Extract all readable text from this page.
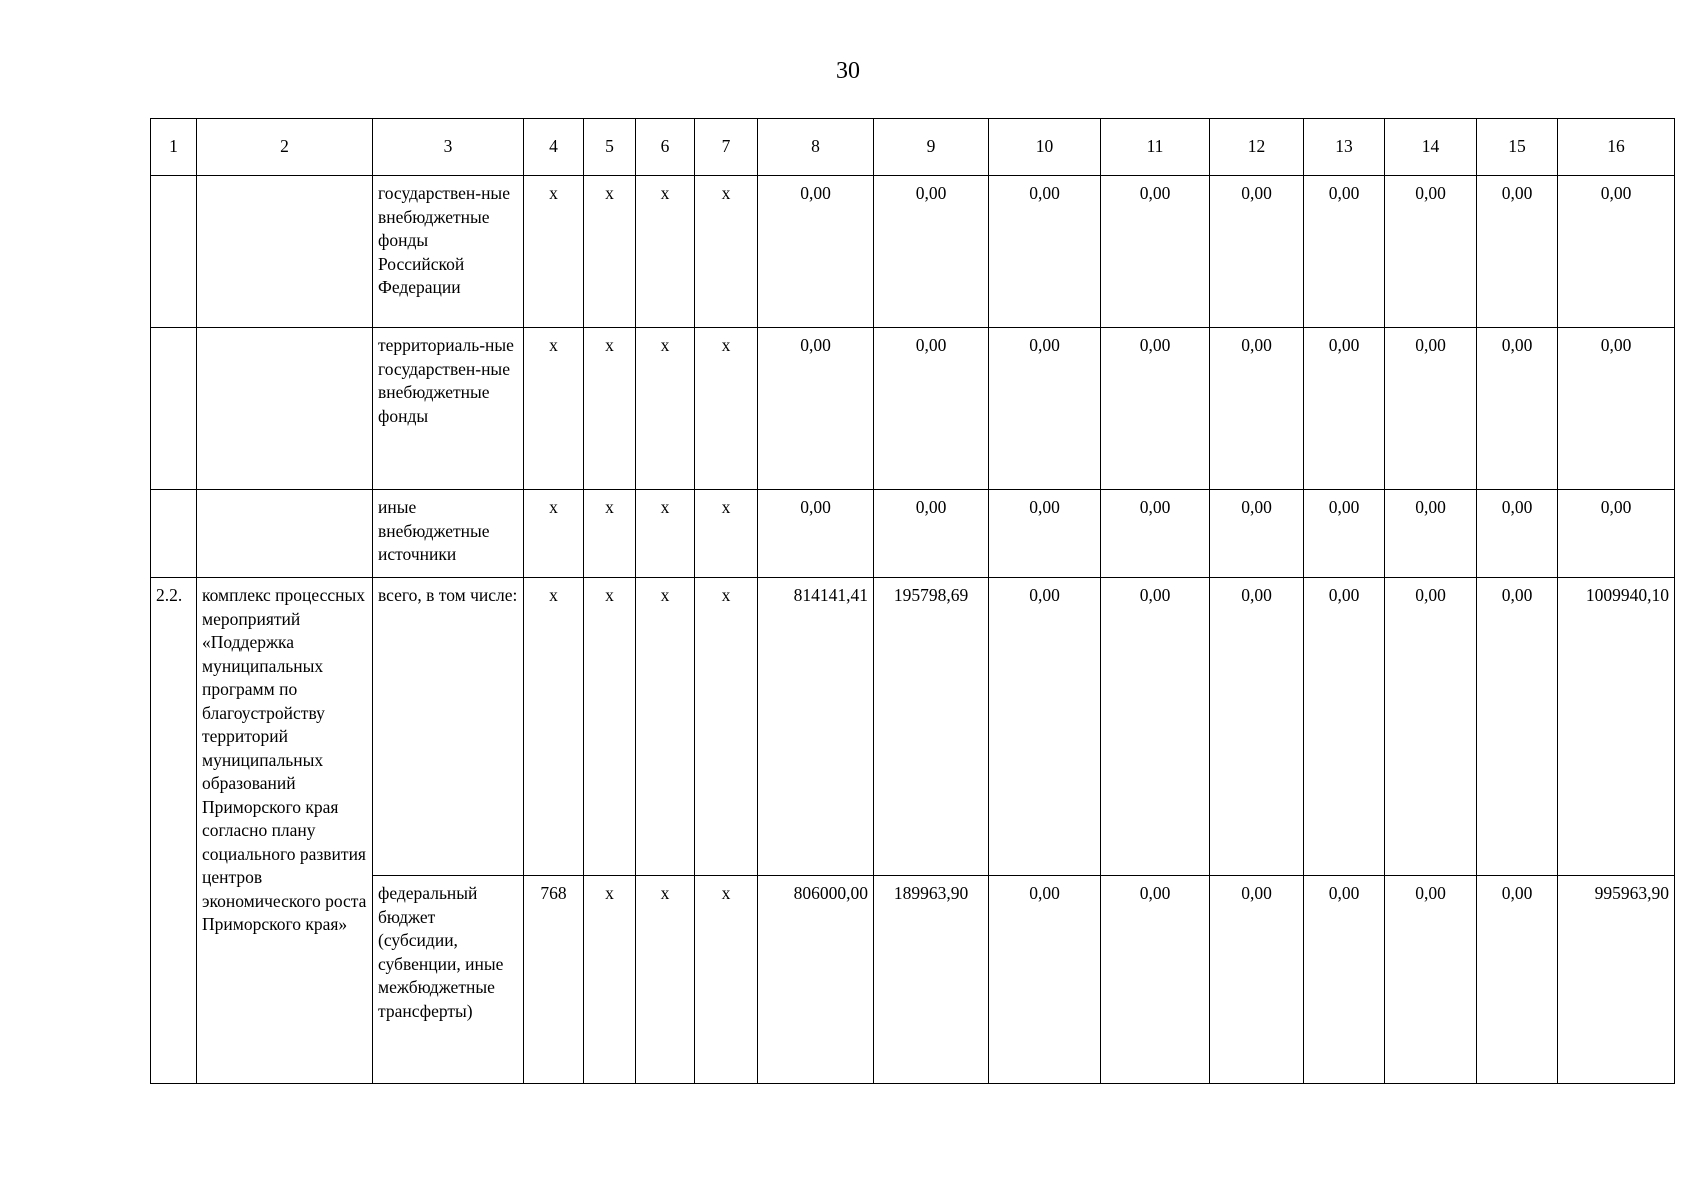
30
1	2	3	4	5	6	7	8	9	10	11	12	13	14	15	16
		государствен-ные внебюджетные фонды Российской Федерации	х	х	х	х	0,00	0,00	0,00	0,00	0,00	0,00	0,00	0,00	0,00
		территориаль-ные государствен-ные внебюджетные фонды	х	х	х	х	0,00	0,00	0,00	0,00	0,00	0,00	0,00	0,00	0,00
		иные внебюджетные источники	х	х	х	х	0,00	0,00	0,00	0,00	0,00	0,00	0,00	0,00	0,00
2.2.	комплекс процессных мероприятий «Поддержка муниципальных программ по благоустройству территорий муниципальных образований Приморского края согласно плану социального развития центров экономического роста Приморского края»	всего, в том числе:	х	х	х	х	814141,41	195798,69	0,00	0,00	0,00	0,00	0,00	0,00	1009940,10
		федеральный бюджет (субсидии, субвенции, иные межбюджетные трансферты)	768	х	х	х	806000,00	189963,90	0,00	0,00	0,00	0,00	0,00	0,00	995963,90
